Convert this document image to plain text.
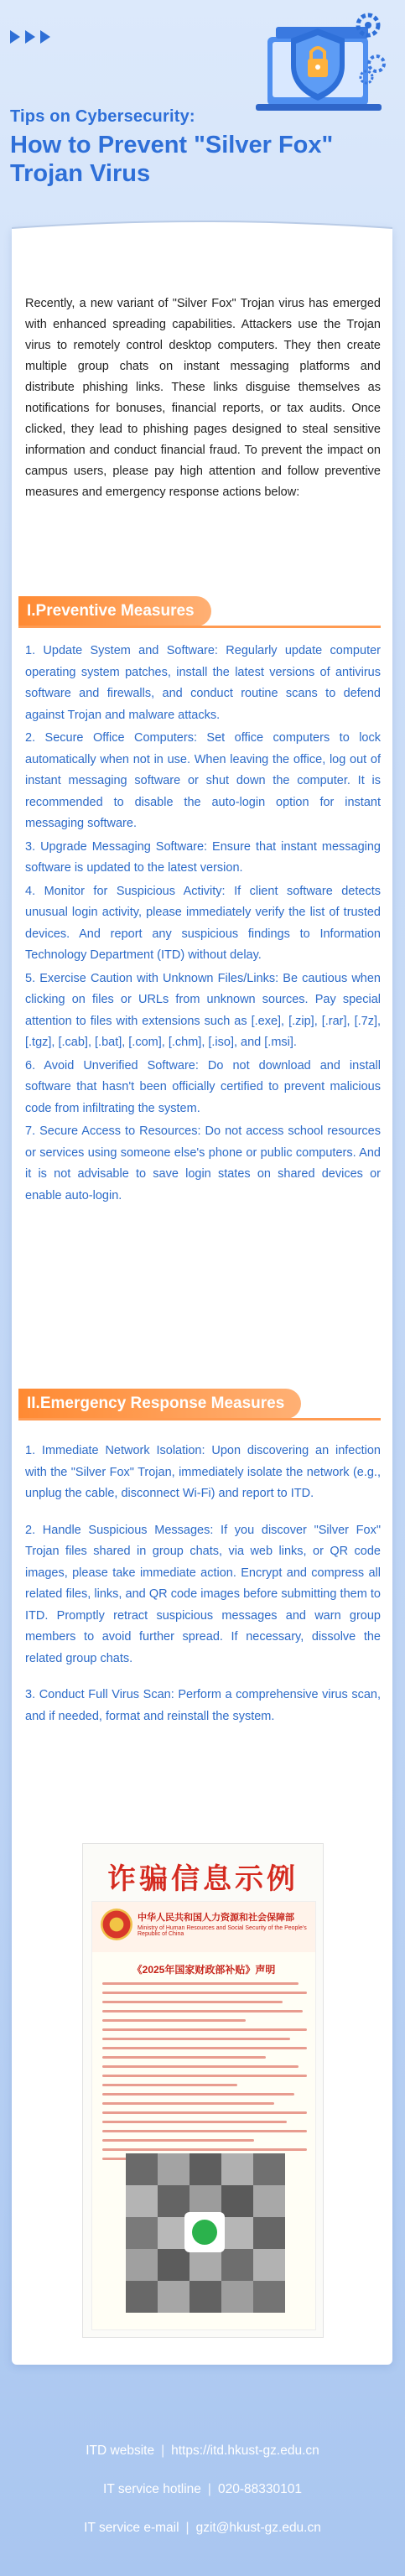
Tips on Cybersecurity:
How to Prevent "Silver Fox" Trojan Virus
Recently, a new variant of "Silver Fox" Trojan virus has emerged with enhanced spreading capabilities. Attackers use the Trojan virus to remotely control desktop computers. They then create multiple group chats on instant messaging platforms and distribute phishing links. These links disguise themselves as notifications for bonuses, financial reports, or tax audits. Once clicked, they lead to phishing pages designed to steal sensitive information and conduct financial fraud. To prevent the impact on campus users, please pay high attention and follow preventive measures and emergency response actions below:
I.Preventive Measures

1. Update System and Software: Regularly update computer operating system patches, install the latest versions of antivirus software and firewalls, and conduct routine scans to defend against Trojan and malware attacks.

2. Secure Office Computers: Set office computers to lock automatically when not in use. When leaving the office, log out of instant messaging software or shut down the computer. It is recommended to disable the auto-login option for instant messaging software.

3. Upgrade Messaging Software: Ensure that instant messaging software is updated to the latest version.

4. Monitor for Suspicious Activity: If client software detects unusual login activity, please immediately verify the list of trusted devices. And report any suspicious findings to Information Technology Department (ITD) without delay.

5. Exercise Caution with Unknown Files/Links: Be cautious when clicking on files or URLs from unknown sources. Pay special attention to files with extensions such as [.exe], [.zip], [.rar], [.7z], [.tgz], [.cab], [.bat], [.com], [.chm], [.iso], and [.msi].

6. Avoid Unverified Software: Do not download and install software that hasn't been officially certified to prevent malicious code from infiltrating the system.

7. Secure Access to Resources: Do not access school resources or services using someone else's phone or public computers. And it is not advisable to save login states on shared devices or enable auto-login.

II.Emergency Response Measures

1. Immediate Network Isolation: Upon discovering an infection with the "Silver Fox" Trojan, immediately isolate the network (e.g., unplug the cable, disconnect Wi-Fi) and report to ITD.

2. Handle Suspicious Messages: If you discover "Silver Fox" Trojan files shared in group chats, via web links, or QR code images, please take immediate action. Encrypt and compress all related files, links, and QR code images before submitting them to ITD. Promptly retract suspicious messages and warn group members to avoid further spread. If necessary, dissolve the related group chats.

3. Conduct Full Virus Scan: Perform a comprehensive virus scan, and if needed, format and reinstall the system.

诈骗信息示例
中华人民共和国人力资源和社会保障部
Ministry of Human Resources and Social Security of the People's Republic of China
《2025年国家财政部补贴》声明
ITD website | https://itd.hkust-gz.edu.cn
IT service hotline | 020-88330101
IT service e-mail | gzit@hkust-gz.edu.cn
